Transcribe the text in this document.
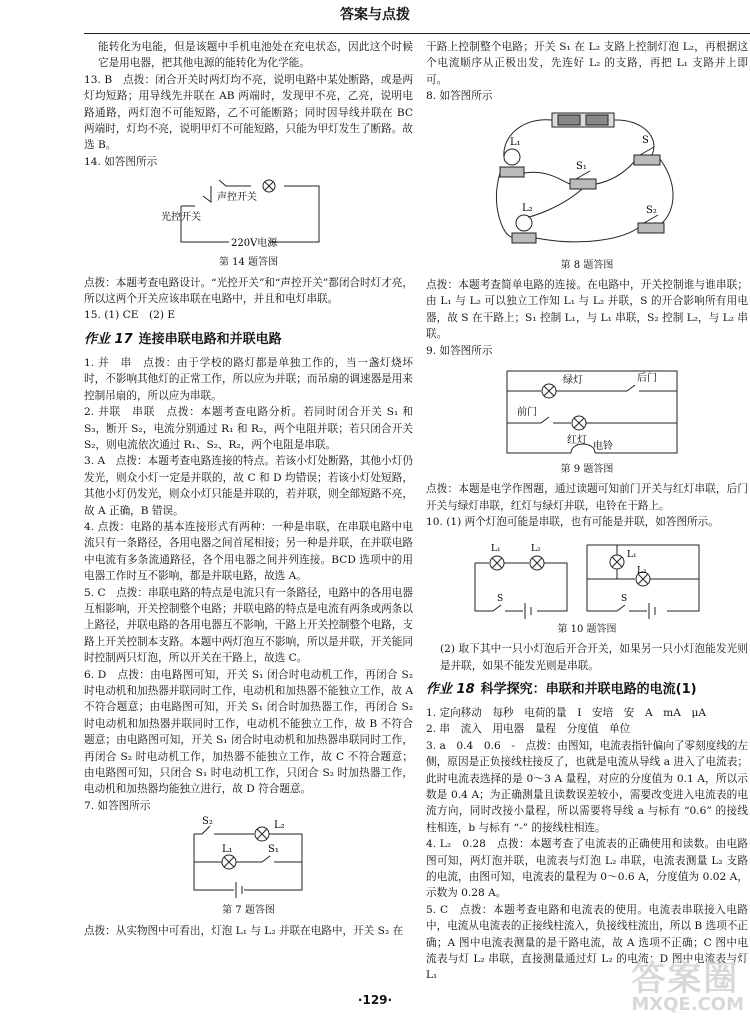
答案与点拨

能转化为电能，但是该题中手机电池处在充电状态，因此这个时候它是用电器，把其他电源的能转化为化学能。

13. B　点拨：闭合开关时两灯均不亮，说明电路中某处断路，或是两灯均短路；用导线先并联在 AB 两端时，发现甲不亮，乙亮，说明电路通路，两灯泡不可能短路，乙不可能断路；同时因导线并联在 BC 两端时，灯均不亮，说明甲灯不可能短路，只能为甲灯发生了断路。故选 B。

14. 如答图所示

声控开关
光控开关
220V电源
第 14 题答图

点拨：本题考查电路设计。“光控开关”和“声控开关”都闭合时灯才亮，所以这两个开关应该串联在电路中，并且和电灯串联。

15. (1) CE　(2) E

作业 17 连接串联电路和并联电路

1. 并　串　点拨：由于学校的路灯都是单独工作的，当一盏灯烧坏时，不影响其他灯的正常工作，所以应为并联；而吊扇的调速器是用来控制吊扇的，所以应为串联。

2. 并联　串联　点拨：本题考查电路分析。若同时闭合开关 S₁ 和 S₃，断开 S₂，电流分别通过 R₁ 和 R₂，两个电阻并联；若只闭合开关 S₂，则电流依次通过 R₁、S₂、R₂，两个电阻是串联。

3. A　点拨：本题考查电路连接的特点。若该小灯处断路，其他小灯仍发光，则众小灯一定是并联的，故 C 和 D 均错误；若该小灯处短路，其他小灯仍发光，则众小灯只能是并联的，若并联，则全部短路不亮，故 A 正确，B 错误。

4. 点拨：电路的基本连接形式有两种：一种是串联，在串联电路中电流只有一条路径，各用电器之间首尾相接；另一种是并联，在并联电路中电流有多条流通路径，各个用电器之间并列连接。BCD 选项中的用电器工作时互不影响，都是并联电路，故选 A。

5. C　点拨：串联电路的特点是电流只有一条路径，电路中的各用电器互相影响，开关控制整个电路；并联电路的特点是电流有两条或两条以上路径，并联电路的各用电器互不影响，干路上开关控制整个电路，支路上开关控制本支路。本题中两灯泡互不影响，所以是并联，开关能同时控制两只灯泡，所以开关在干路上，故选 C。

6. D　点拨：由电路图可知，开关 S₁ 闭合时电动机工作，再闭合 S₂ 时电动机和加热器并联同时工作，电动机和加热器不能独立工作，故 A 不符合题意；由电路图可知，开关 S₁ 闭合时加热器工作，再闭合 S₂ 时电动机和加热器并联同时工作，电动机不能独立工作，故 B 不符合题意；由电路图可知，开关 S₁ 闭合时电动机和加热器串联同时工作，再闭合 S₂ 时电动机工作，加热器不能独立工作，故 C 不符合题意；由电路图可知，只闭合 S₁ 时电动机工作，只闭合 S₂ 时加热器工作，电动机和加热器均能独立进行，故 D 符合题意。

7. 如答图所示

S₂	L₂
L₁	S₁
第 7 题答图

点拨：从实物图中可看出，灯泡 L₁ 与 L₂ 并联在电路中，开关 S₂ 在

干路上控制整个电路；开关 S₁ 在 L₂ 支路上控制灯泡 L₂，再根据这个电流顺序从正极出发，先连好 L₂ 的支路，再把 L₁ 支路并上即可。

8. 如答图所示

L₁	S
S₁
L₂	S₂
第 8 题答图

点拨：本题考查简单电路的连接。在电路中，开关控制谁与谁串联；由 L₁ 与 L₂ 可以独立工作知 L₁ 与 L₂ 并联，S 的开合影响所有用电器，故 S 在干路上；S₁ 控制 L₁，与 L₁ 串联，S₂ 控制 L₂，与 L₂ 串联。

9. 如答图所示

绿灯	后门
前门
红灯
电铃
第 9 题答图

点拨：本题是电学作图题，通过读题可知前门开关与红灯串联，后门开关与绿灯串联，红灯与绿灯并联，电铃在干路上。

10. (1) 两个灯泡可能是串联，也有可能是并联，如答图所示。

L₁	L₂
S
L₁
L₂
S
第 10 题答图

(2) 取下其中一只小灯泡后开合开关，如果另一只小灯泡能发光则是并联，如果不能发光则是串联。

作业 18 科学探究：串联和并联电路的电流(1)

1. 定向移动　每秒　电荷的量　I　安培　安　A　mA　μA

2. 串　流入　用电器　量程　分度值　单位

3. a　0.4　0.6　-　点拨：由图知，电流表指针偏向了零刻度线的左侧，原因是正负接线柱接反了，也就是电流从导线 a 进入了电流表；此时电流表选择的是 0～3 A 量程，对应的分度值为 0.1 A，所以示数是 0.4 A；为正确测量且读数误差较小，需要改变进入电流表的电流方向，同时改接小量程，所以需要将导线 a 与标有 “0.6” 的接线柱相连，b 与标有 “-” 的接线柱相连。

4. L₂　0.28　点拨：本题考查了电流表的正确使用和读数。由电路图可知，两灯泡并联，电流表与灯泡 L₂ 串联，电流表测量 L₂ 支路的电流，由图可知，电流表的量程为 0～0.6 A，分度值为 0.02 A，示数为 0.28 A。

5. C　点拨：本题考查电路和电流表的使用。电流表串联接入电路中，电流从电流表的正接线柱流入，负接线柱流出，所以 B 选项不正确；A 图中电流表测量的是干路电流，故 A 选项不正确；C 图中电流表与灯 L₂ 串联，直接测量通过灯 L₂ 的电流；D 图中电流表与灯 L₁

·129·
答案圈
MXQE.COM
